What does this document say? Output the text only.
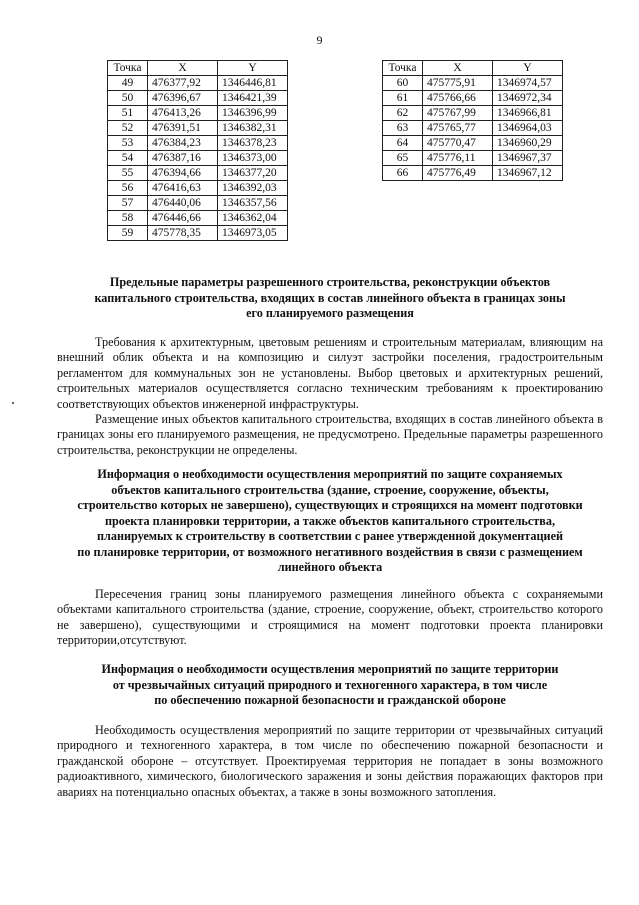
9
Точка	X	Y
49	476377,92	1346446,81
50	476396,67	1346421,39
51	476413,26	1346396,99
52	476391,51	1346382,31
53	476384,23	1346378,23
54	476387,16	1346373,00
55	476394,66	1346377,20
56	476416,63	1346392,03
57	476440,06	1346357,56
58	476446,66	1346362,04
59	475778,35	1346973,05
Точка	X	Y
60	475775,91	1346974,57
61	475766,66	1346972,34
62	475767,99	1346966,81
63	475765,77	1346964,03
64	475770,47	1346960,29
65	475776,11	1346967,37
66	475776,49	1346967,12
Предельные параметры разрешенного строительства, реконструкции объектов
капитального строительства, входящих в состав линейного объекта в границах зоны
его планируемого размещения

Требования к архитектурным, цветовым решениям и строительным материалам, влияющим на внешний облик объекта и на композицию и силуэт застройки поселения, градостроительным регламентом для коммунальных зон не установлены. Выбор цветовых и архитектурных решений, строительных материалов осуществляется согласно техническим требованиям к проектированию соответствующих объектов инженерной инфраструктуры.

Размещение иных объектов капитального строительства, входящих в состав линейного объекта в границах зоны его планируемого размещения, не предусмотрено. Предельные параметры разрешенного строительства, реконструкции не определены.

Информация о необходимости осуществления мероприятий по защите сохраняемых
объектов капитального строительства (здание, строение, сооружение, объекты,
строительство которых не завершено), существующих и строящихся на момент подготовки
проекта планировки территории, а также объектов капитального строительства,
планируемых к строительству в соответствии с ранее утвержденной документацией
по планировке территории, от возможного негативного воздействия в связи с размещением
линейного объекта

Пересечения границ зоны планируемого размещения линейного объекта с сохраняемыми объектами капитального строительства (здание, строение, сооружение, объект, строительство которого не завершено), существующими и строящимися на момент подготовки проекта планировки территории,отсутствуют.

Информация о необходимости осуществления мероприятий по защите территории
от чрезвычайных ситуаций природного и техногенного характера, в том числе
по обеспечению пожарной безопасности и гражданской обороне

Необходимость осуществления мероприятий по защите территории от чрезвычайных ситуаций природного и техногенного характера, в том числе по обеспечению пожарной безопасности и гражданской обороне – отсутствует. Проектируемая территория не попадает в зоны возможного радиоактивного, химического, биологического заражения и зоны действия поражающих факторов при авариях на потенциально опасных объектах, а также в зоны возможного затопления.
